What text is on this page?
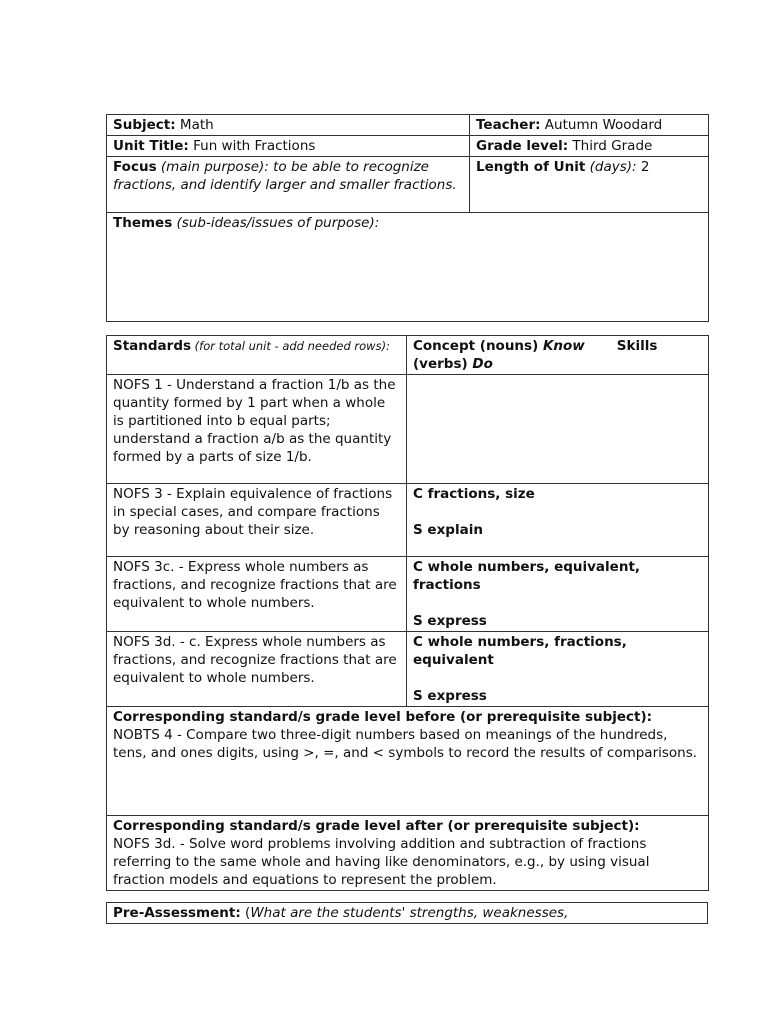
Subject: Math	Teacher: Autumn Woodard
Unit Title: Fun with Fractions	Grade level: Third Grade
Focus (main purpose): to be able to recognize fractions, and identify larger and smaller fractions.	Length of Unit (days): 2
Themes (sub-ideas/issues of purpose):	
Standards (for total unit - add needed rows):	Concept (nouns) Know Skills
(verbs) Do
NOFS 1 - Understand a fraction 1/b as the quantity formed by 1 part when a whole is partitioned into b equal parts; understand a fraction a/b as the quantity formed by a parts of size 1/b.	
NOFS 3 - Explain equivalence of fractions in special cases, and compare fractions by reasoning about their size.	C fractions, size
S explain

NOFS 3c. - Express whole numbers as fractions, and recognize fractions that are equivalent to whole numbers.	C whole numbers, equivalent, fractions
S express

NOFS 3d. - c. Express whole numbers as fractions, and recognize fractions that are equivalent to whole numbers.	C whole numbers, fractions, equivalent
S express

Corresponding standard/s grade level before (or prerequisite subject):
NOBTS 4 - Compare two three-digit numbers based on meanings of the hundreds, tens, and ones digits, using >, =, and < symbols to record the results of comparisons.	

Corresponding standard/s grade level after (or prerequisite subject):
NOFS 3d. - Solve word problems involving addition and subtraction of fractions referring to the same whole and having like denominators, e.g., by using visual fraction models and equations to represent the problem.	
Pre-Assessment: (What are the students' strengths, weaknesses,
